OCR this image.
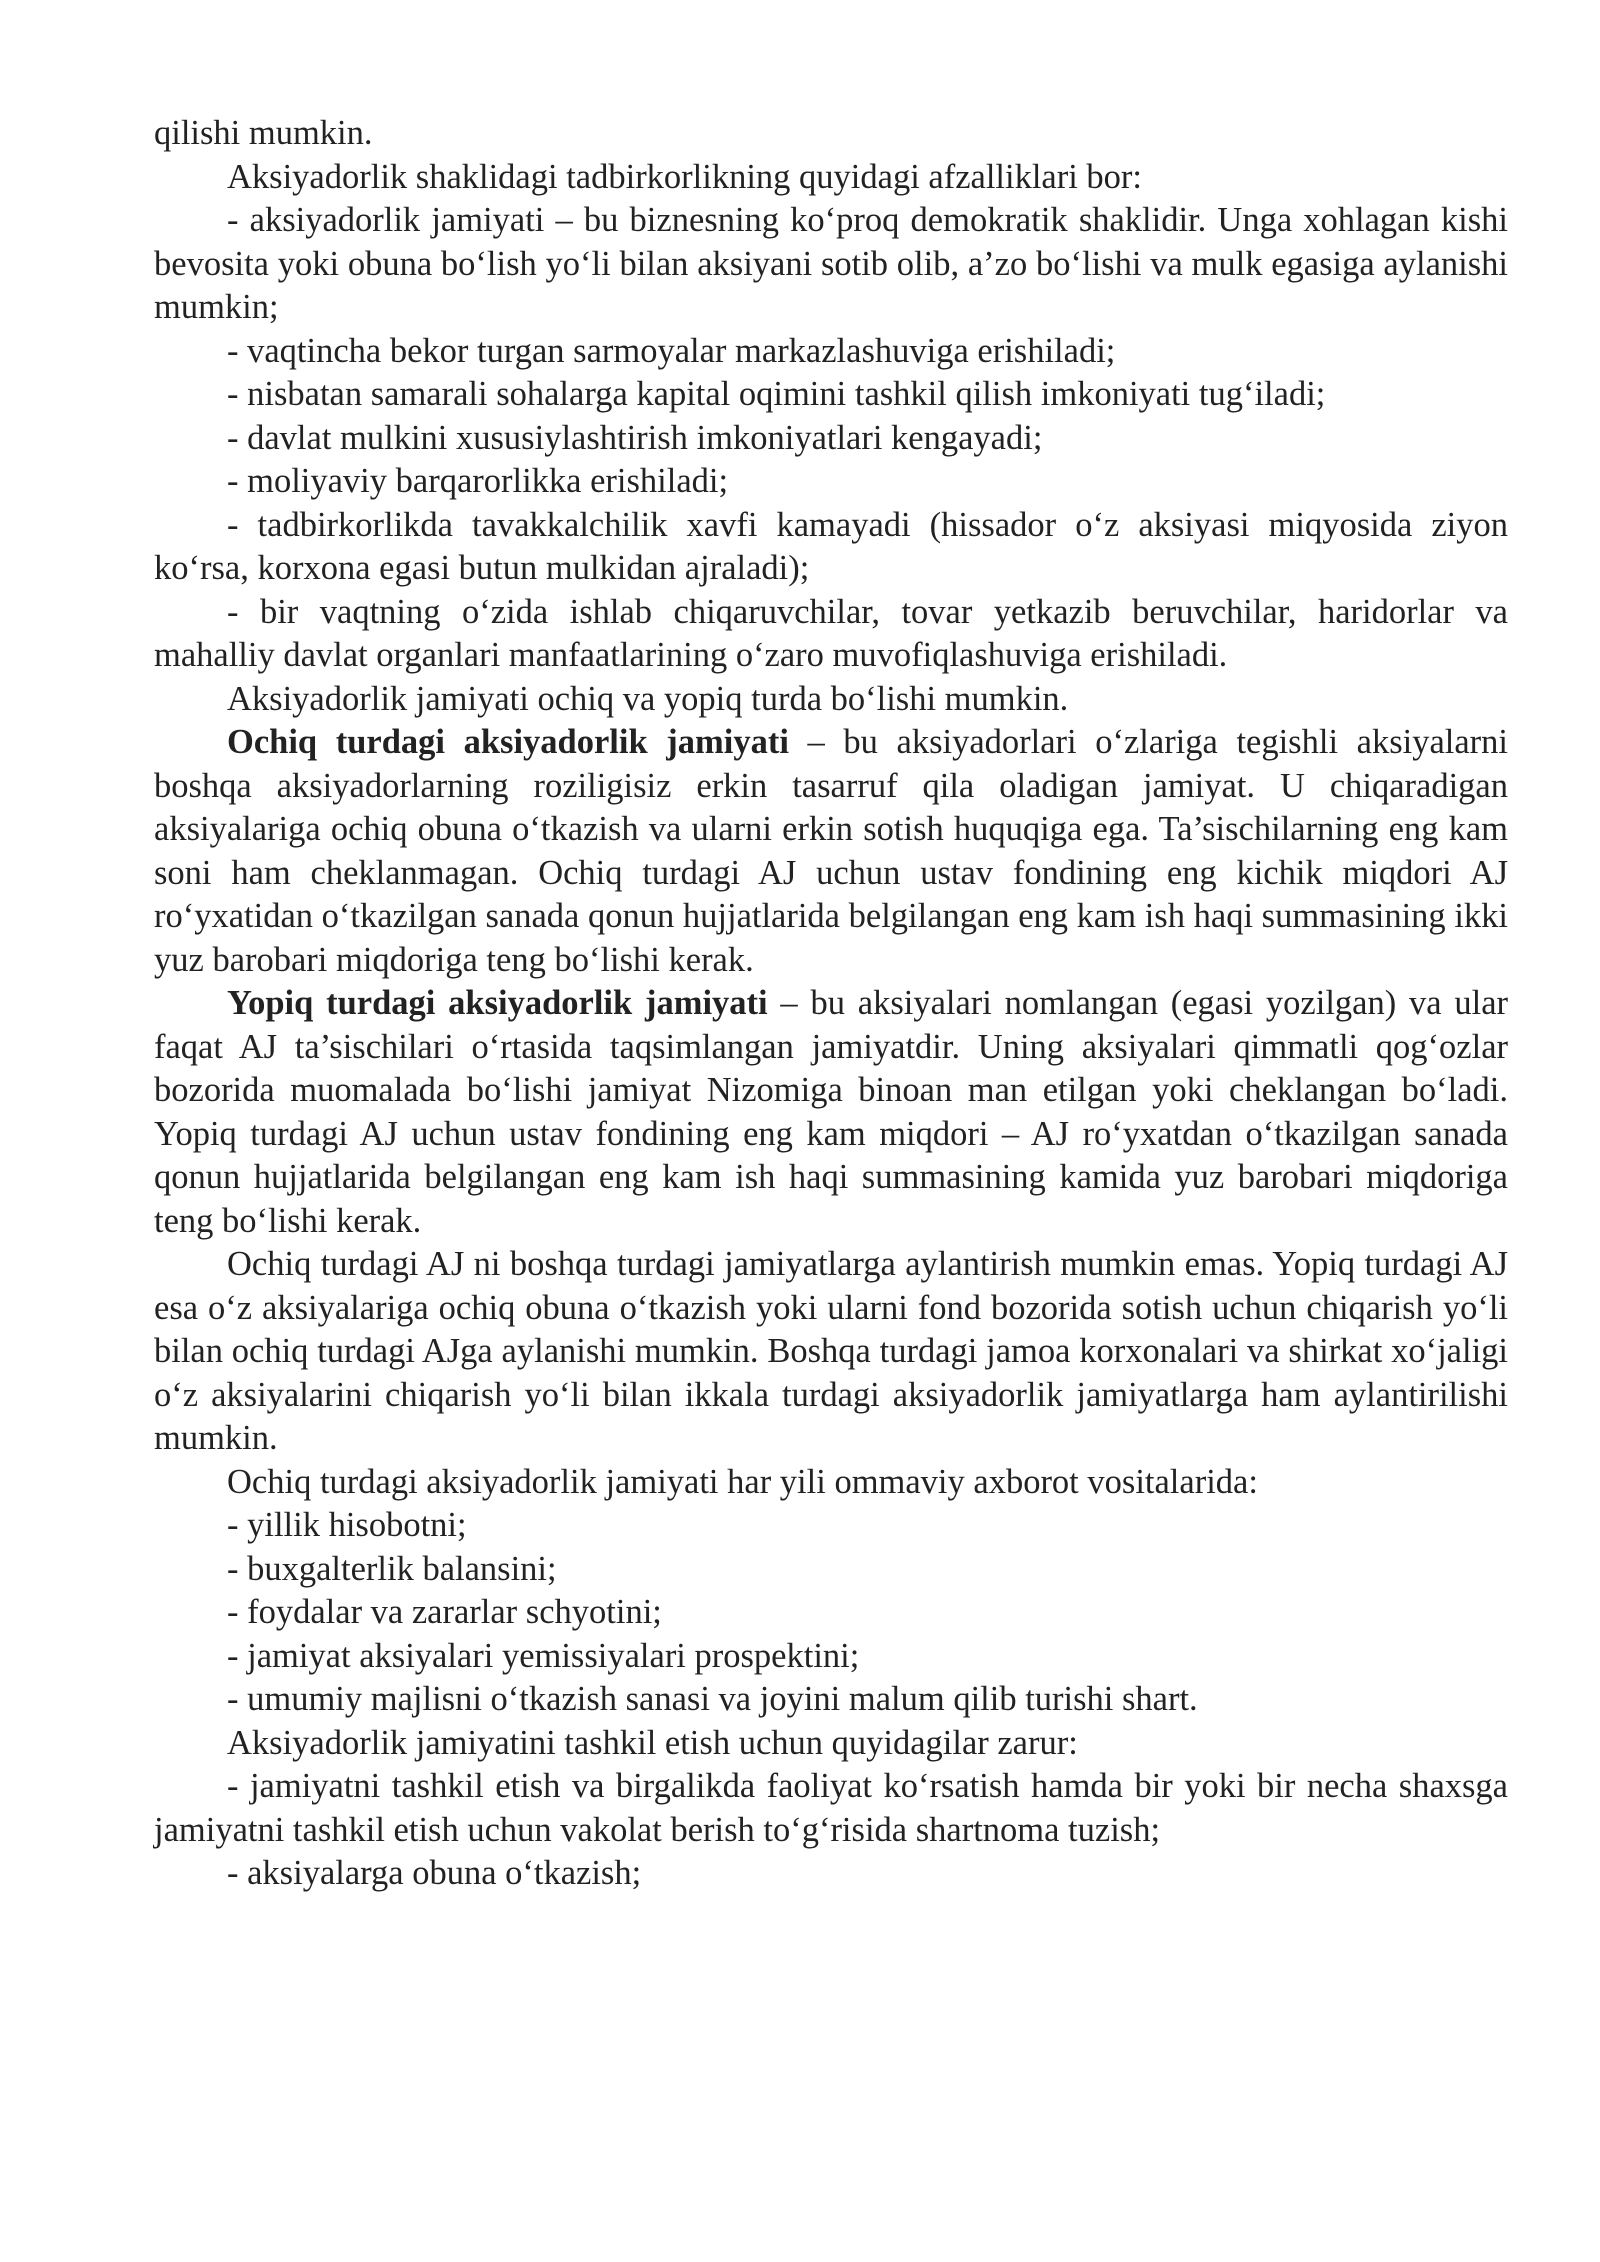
qilishi mumkin.

Aksiyadorlik shaklidagi tadbirkorlikning quyidagi afzalliklari bor:

- aksiyadorlik jamiyati – bu biznesning ko‘proq demokratik shaklidir. Unga xohlagan kishi bevosita yoki obuna bo‘lish yo‘li bilan aksiyani sotib olib, a’zo bo‘lishi va mulk egasiga aylanishi mumkin;

- vaqtincha bekor turgan sarmoyalar markazlashuviga erishiladi;

- nisbatan samarali sohalarga kapital oqimini tashkil qilish imkoniyati tug‘iladi;

- davlat mulkini xususiylashtirish imkoniyatlari kengayadi;

- moliyaviy barqarorlikka erishiladi;

- tadbirkorlikda tavakkalchilik xavfi kamayadi (hissador o‘z aksiyasi miqyosida ziyon ko‘rsa, korxona egasi butun mulkidan ajraladi);

- bir vaqtning o‘zida ishlab chiqaruvchilar, tovar yetkazib beruvchilar, haridorlar va mahalliy davlat organlari manfaatlarining o‘zaro muvofiqlashuviga erishiladi.

Aksiyadorlik jamiyati ochiq va yopiq turda bo‘lishi mumkin.

Ochiq turdagi aksiyadorlik jamiyati – bu aksiyadorlari o‘zlariga tegishli aksiyalarni boshqa aksiyadorlarning roziligisiz erkin tasarruf qila oladigan jamiyat. U chiqaradigan aksiyalariga ochiq obuna o‘tkazish va ularni erkin sotish huquqiga ega. Ta’sischilarning eng kam soni ham cheklanmagan. Ochiq turdagi AJ uchun ustav fondining eng kichik miqdori AJ ro‘yxatidan o‘tkazilgan sanada qonun hujjatlarida belgilangan eng kam ish haqi summasining ikki yuz barobari miqdoriga teng bo‘lishi kerak.

Yopiq turdagi aksiyadorlik jamiyati – bu aksiyalari nomlangan (egasi yozilgan) va ular faqat AJ ta’sischilari o‘rtasida taqsimlangan jamiyatdir. Uning aksiyalari qimmatli qog‘ozlar bozorida muomalada bo‘lishi jamiyat Nizomiga binoan man etilgan yoki cheklangan bo‘ladi. Yopiq turdagi AJ uchun ustav fondining eng kam miqdori – AJ ro‘yxatdan o‘tkazilgan sanada qonun hujjatlarida belgilangan eng kam ish haqi summasining kamida yuz barobari miqdoriga teng bo‘lishi kerak.

Ochiq turdagi AJ ni boshqa turdagi jamiyatlarga aylantirish mumkin emas. Yopiq turdagi AJ esa o‘z aksiyalariga ochiq obuna o‘tkazish yoki ularni fond bozorida sotish uchun chiqarish yo‘li bilan ochiq turdagi AJga aylanishi mumkin. Boshqa turdagi jamoa korxonalari va shirkat xo‘jaligi o‘z aksiyalarini chiqarish yo‘li bilan ikkala turdagi aksiyadorlik jamiyatlarga ham aylantirilishi mumkin.

Ochiq turdagi aksiyadorlik jamiyati har yili ommaviy axborot vositalarida:

- yillik hisobotni;

- buxgalterlik balansini;

- foydalar va zararlar schyotini;

- jamiyat aksiyalari yemissiyalari prospektini;

- umumiy majlisni o‘tkazish sanasi va joyini malum qilib turishi shart.

Aksiyadorlik jamiyatini tashkil etish uchun quyidagilar zarur:

- jamiyatni tashkil etish va birgalikda faoliyat ko‘rsatish hamda bir yoki bir necha shaxsga jamiyatni tashkil etish uchun vakolat berish to‘g‘risida shartnoma tuzish;

- aksiyalarga obuna o‘tkazish;
